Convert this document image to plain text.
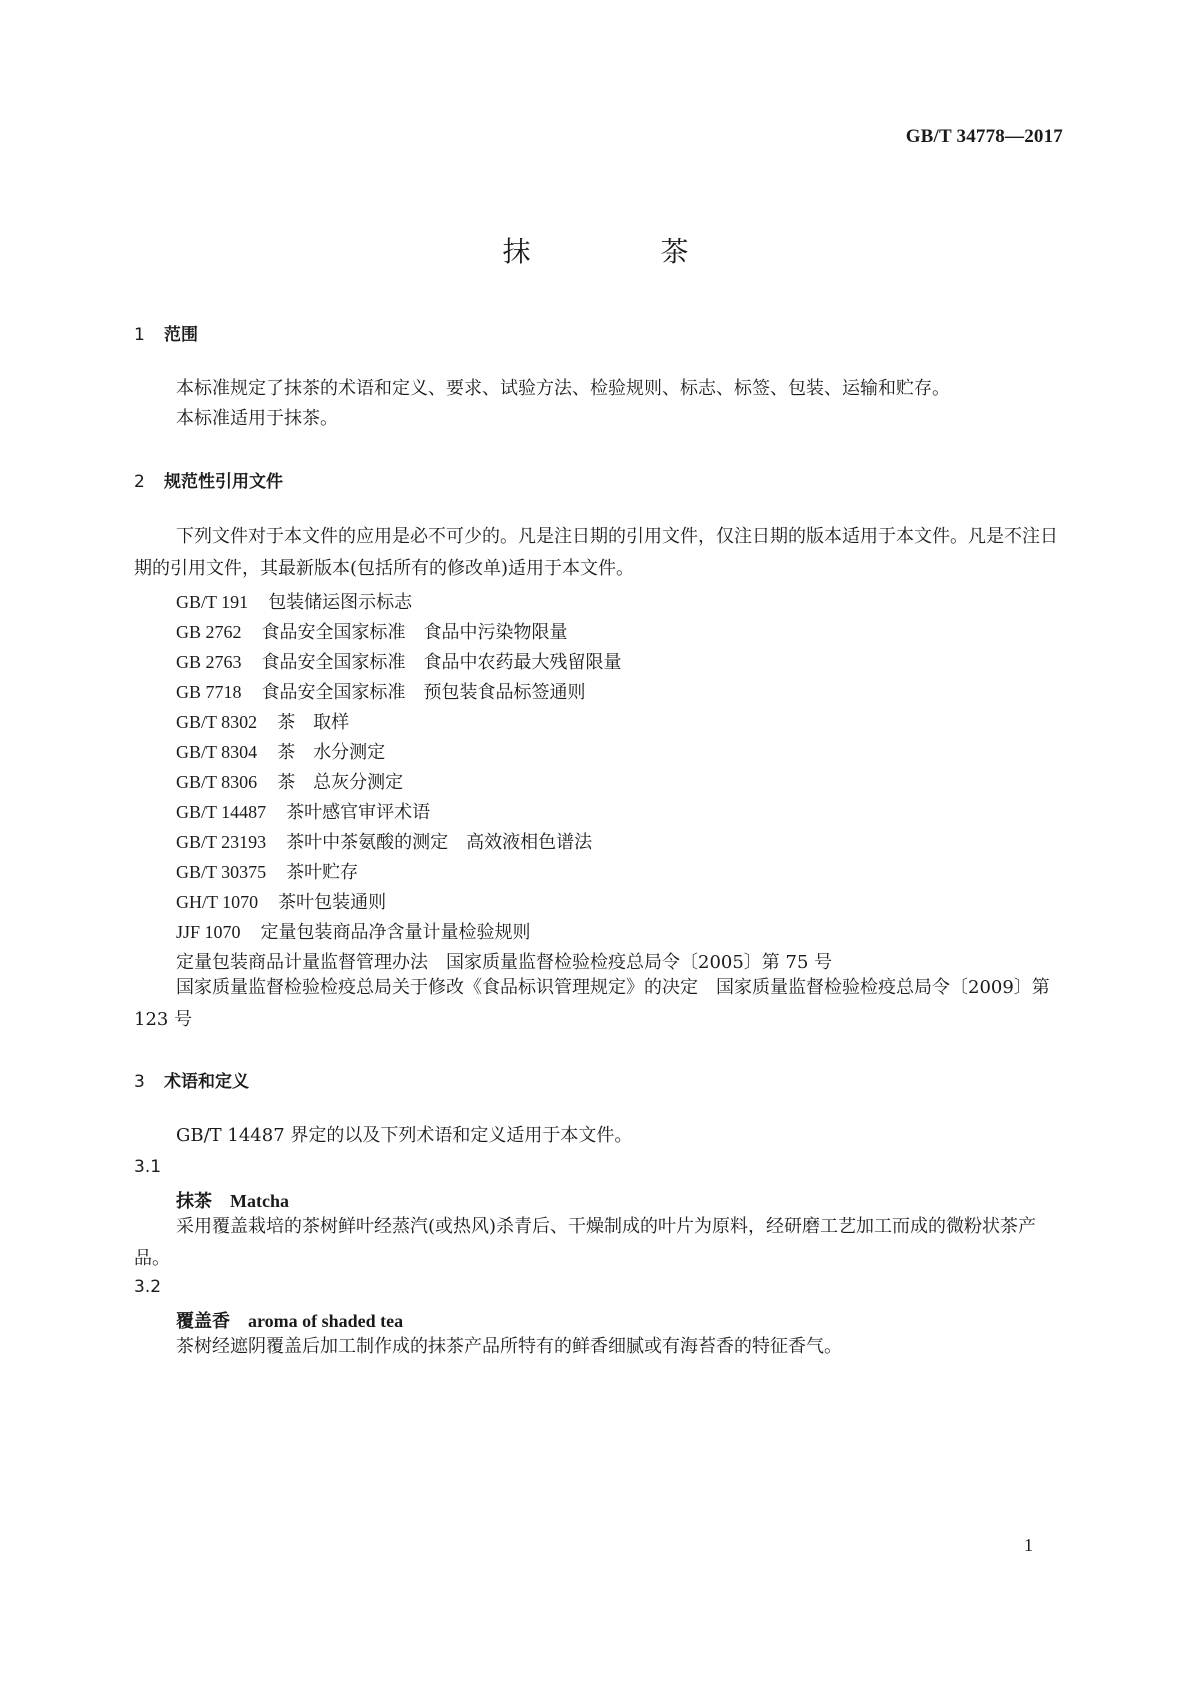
GB/T 34778—2017
抹茶
1 范围
本标准规定了抹茶的术语和定义、要求、试验方法、检验规则、标志、标签、包装、运输和贮存。
本标准适用于抹茶。
2 规范性引用文件
下列文件对于本文件的应用是必不可少的。凡是注日期的引用文件，仅注日期的版本适用于本文件。凡是不注日期的引用文件，其最新版本(包括所有的修改单)适用于本文件。
GB/T 191 包装储运图示标志
GB 2762 食品安全国家标准　食品中污染物限量
GB 2763 食品安全国家标准　食品中农药最大残留限量
GB 7718 食品安全国家标准　预包装食品标签通则
GB/T 8302 茶　取样
GB/T 8304 茶　水分测定
GB/T 8306 茶　总灰分测定
GB/T 14487 茶叶感官审评术语
GB/T 23193 茶叶中茶氨酸的测定　高效液相色谱法
GB/T 30375 茶叶贮存
GH/T 1070 茶叶包装通则
JJF 1070 定量包装商品净含量计量检验规则
定量包装商品计量监督管理办法　国家质量监督检验检疫总局令〔2005〕第 75 号
国家质量监督检验检疫总局关于修改《食品标识管理规定》的决定　国家质量监督检验检疫总局令〔2009〕第 123 号
3 术语和定义
GB/T 14487 界定的以及下列术语和定义适用于本文件。
3.1
抹茶 Matcha
采用覆盖栽培的茶树鲜叶经蒸汽(或热风)杀青后、干燥制成的叶片为原料，经研磨工艺加工而成的微粉状茶产品。
3.2
覆盖香 aroma of shaded tea
茶树经遮阴覆盖后加工制作成的抹茶产品所特有的鲜香细腻或有海苔香的特征香气。
1
